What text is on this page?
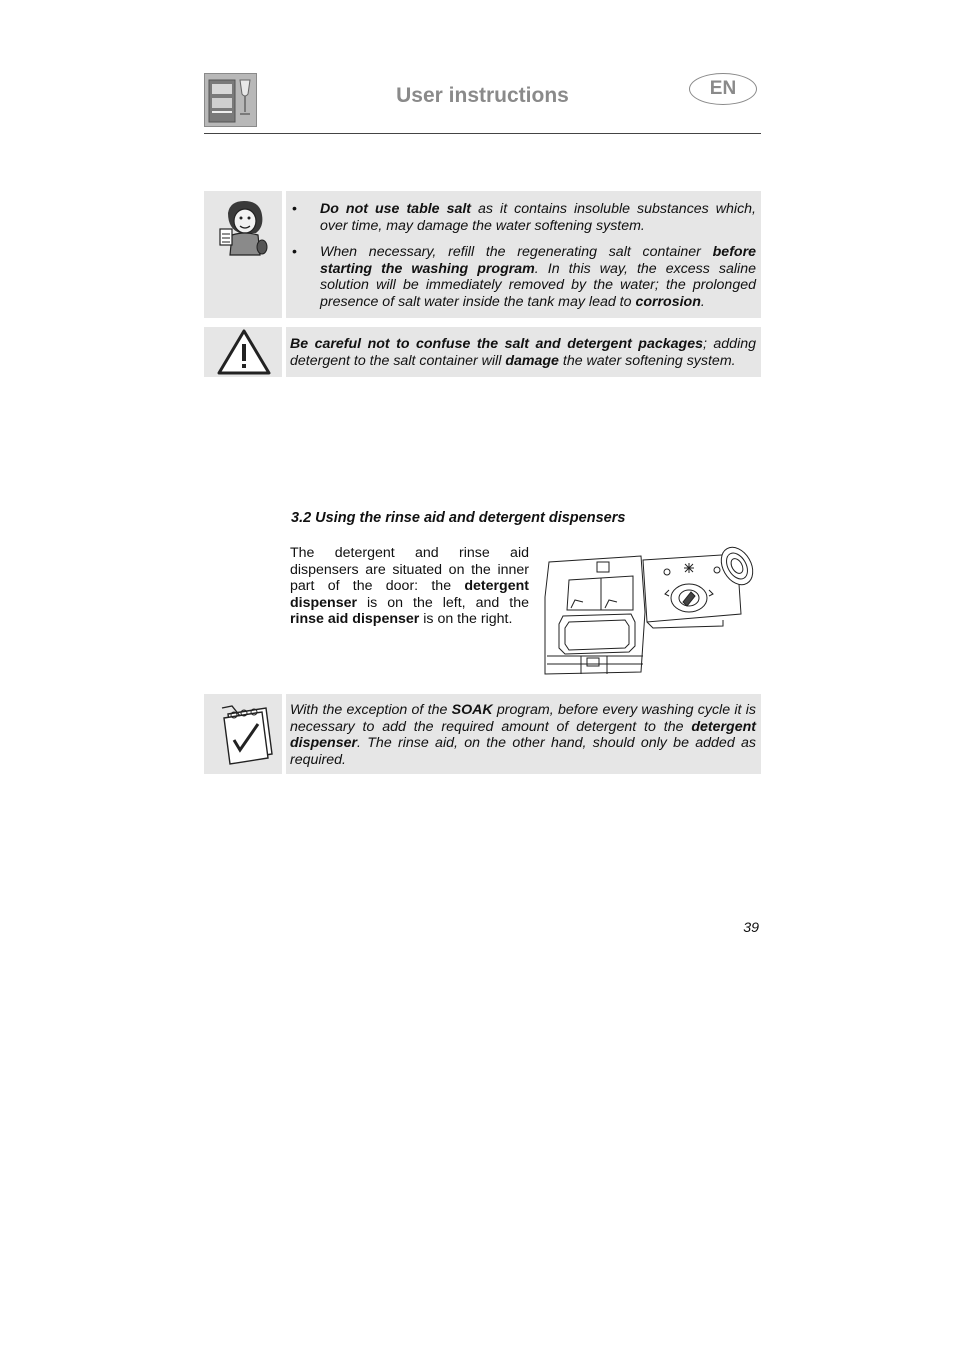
User instructions	EN
• Do not use table salt as it contains insoluble substances which, over time, may damage the water softening system.
• When necessary, refill the regenerating salt container before starting the washing program. In this way, the excess saline solution will be immediately removed by the water; the prolonged presence of salt water inside the tank may lead to corrosion.
Be careful not to confuse the salt and detergent packages; adding detergent to the salt container will damage the water softening system.
3.2 Using the rinse aid and detergent dispensers
The detergent and rinse aid dispensers are situated on the inner part of the door: the detergent dispenser is on the left, and the rinse aid dispenser is on the right.
With the exception of the SOAK program, before every washing cycle it is necessary to add the required amount of detergent to the detergent dispenser. The rinse aid, on the other hand, should only be added as required.
39
